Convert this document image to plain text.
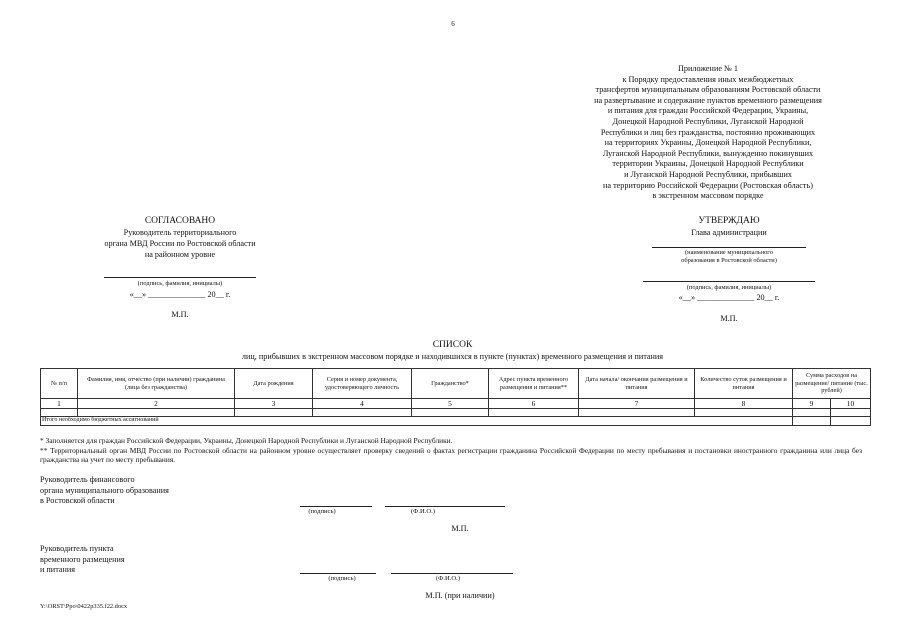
6
Приложение № 1
к Порядку предоставления иных межбюджетных
трансфертов муниципальным образованиям Ростовской области
на развертывание и содержание пунктов временного размещения
и питания для граждан Российской Федерации, Украины,
Донецкой Народной Республики, Луганской Народной
Республики и лиц без гражданства, постоянно проживающих
на территориях Украины, Донецкой Народной Республики,
Луганской Народной Республики, вынужденно покинувших
территории Украины, Донецкой Народной Республики
и Луганской Народной Республики, прибывших
на территорию Российской Федерации (Ростовская область)
в экстренном массовом порядке
СОГЛАСОВАНО
Руководитель территориального
органа МВД России по Ростовской области
на районном уровне
(подпись, фамилия, инициалы)
«__» ______________ 20__ г.
М.П.
УТВЕРЖДАЮ
Глава администрации
(наименование муниципального
образования в Ростовской области)
(подпись, фамилия, инициалы)
«__» ______________ 20__ г.
М.П.
СПИСОК
лиц, прибывших в экстренном массовом порядке и находившихся в пункте (пунктах) временного размещения и питания
№ п/п	Фамилия, имя, отчество (при наличии) гражданина (лица без гражданства)	Дата рождения	Серия и номер документа, удостоверяющего личность	Гражданство*	Адрес пункта временного размещения и питания**	Дата начала/ окончания размещения и питания	Количество суток размещения и питания	Сумма расходов на размещение/ питание (тыс. рублей)	
1	2	3	4	5	6	7	8	9	10

Итого необходимо бюджетных ассигнований									
* Заполняется для граждан Российской Федерации, Украины, Донецкой Народной Республики и Луганской Народной Республики.
** Территориальный орган МВД России по Ростовской области на районном уровне осуществляет проверку сведений о фактах регистрации гражданина Российской Федерации по месту пребывания и постановки иностранного гражданина или лица без гражданства на учет по месту пребывания.
Руководитель финансового
органа муниципального образования
в Ростовской области
(подпись)	(Ф.И.О.)
М.П.
Руководитель пункта
временного размещения
и питания
(подпись)	(Ф.И.О.)
М.П. (при наличии)
Y:\ORST\Ppo\0422p335.f22.docx
